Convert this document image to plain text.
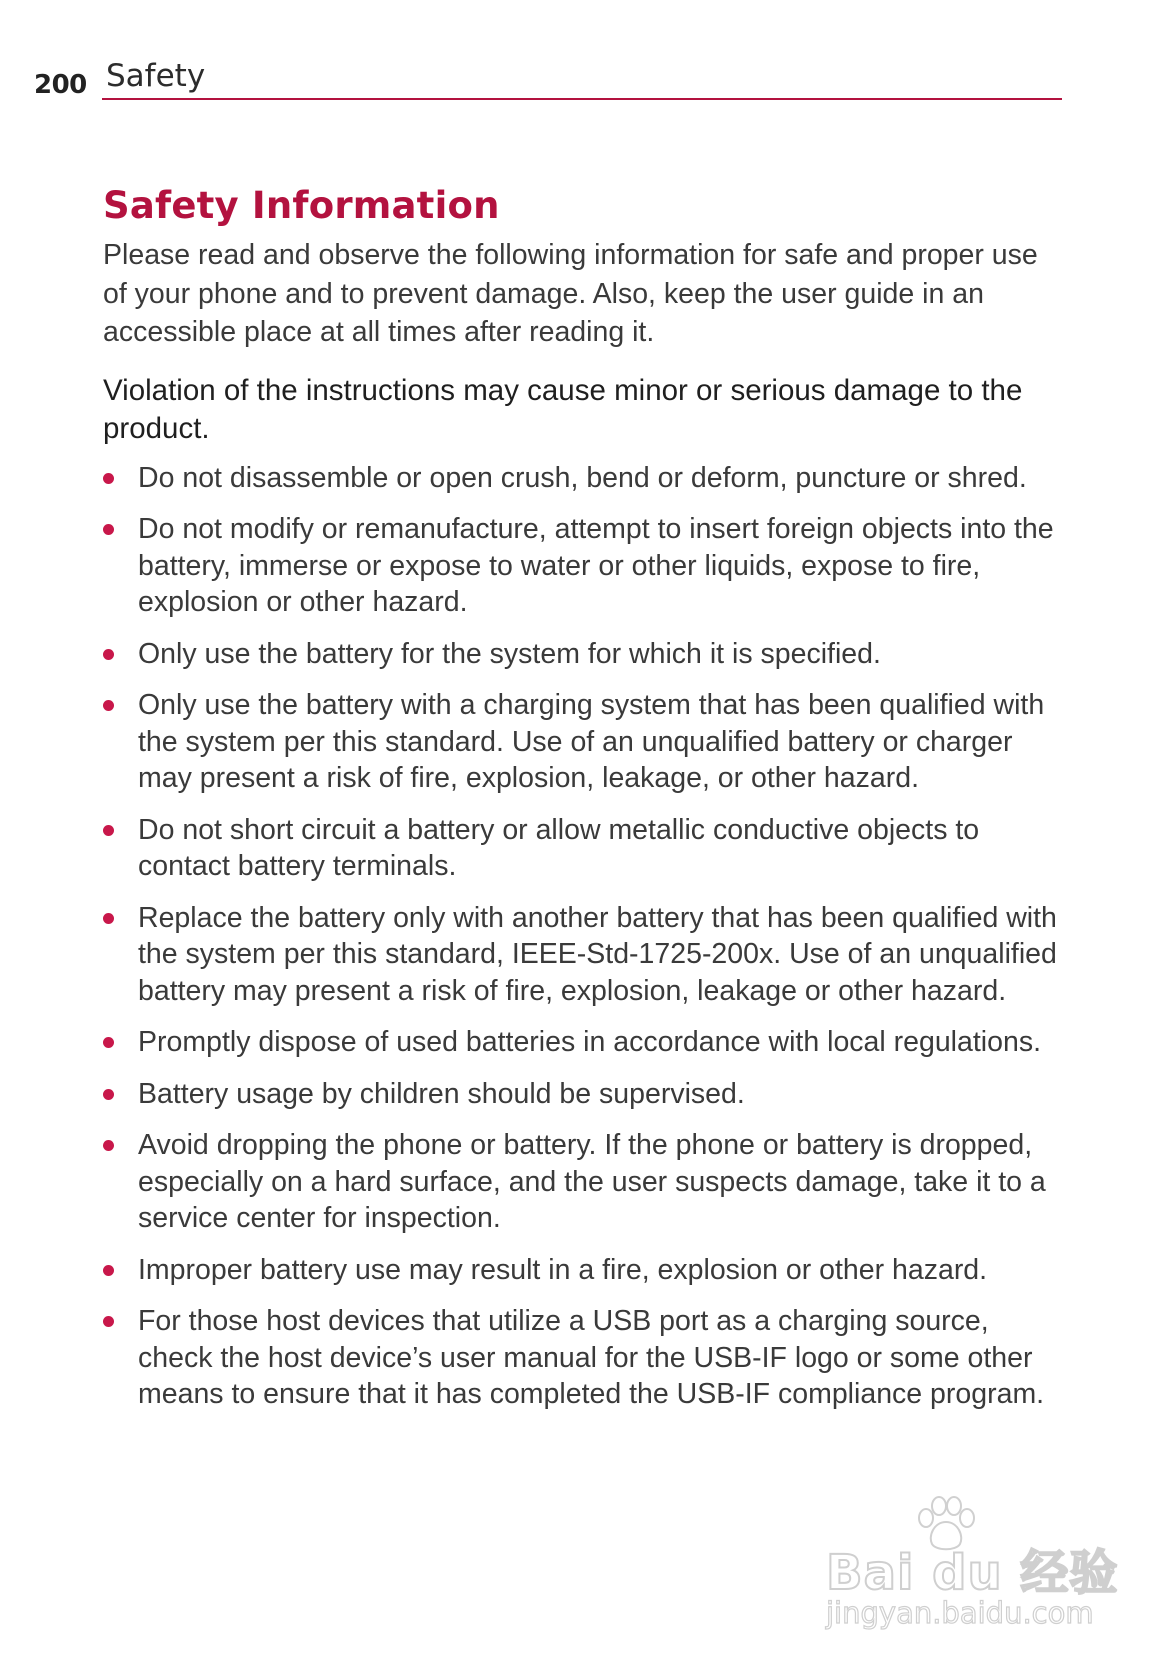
200 Safety
Safety Information

Please read and observe the following information for safe and proper use of your phone and to prevent damage. Also, keep the user guide in an accessible place at all times after reading it.

Violation of the instructions may cause minor or serious damage to the product.

Do not disassemble or open crush, bend or deform, puncture or shred.
Do not modify or remanufacture, attempt to insert foreign objects into the battery, immerse or expose to water or other liquids, expose to fire, explosion or other hazard.
Only use the battery for the system for which it is specified.
Only use the battery with a charging system that has been qualified with the system per this standard. Use of an unqualified battery or charger may present a risk of fire, explosion, leakage, or other hazard.
Do not short circuit a battery or allow metallic conductive objects to contact battery terminals.
Replace the battery only with another battery that has been qualified with the system per this standard, IEEE-Std-1725-200x. Use of an unqualified battery may present a risk of fire, explosion, leakage or other hazard.
Promptly dispose of used batteries in accordance with local regulations.
Battery usage by children should be supervised.
Avoid dropping the phone or battery. If the phone or battery is dropped, especially on a hard surface, and the user suspects damage, take it to a service center for inspection.
Improper battery use may result in a fire, explosion or other hazard.
For those host devices that utilize a USB port as a charging source, check the host device’s user manual for the USB-IF logo or some other means to ensure that it has completed the USB-IF compliance program.
Bai du 经验
jingyan.baidu.com
